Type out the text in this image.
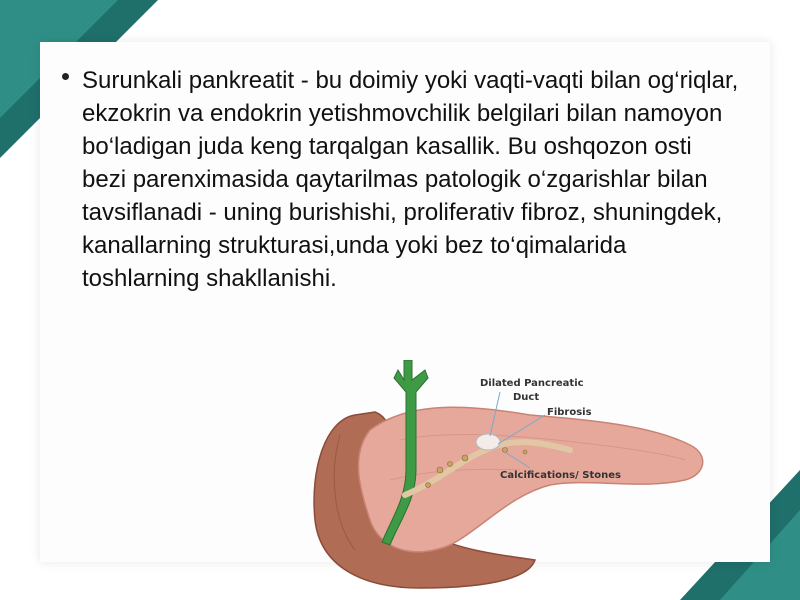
Surunkali pankreatit - bu doimiy yoki vaqti-vaqti bilan og‘riqlar, ekzokrin va endokrin yetishmovchilik belgilari bilan namoyon bo‘ladigan juda keng tarqalgan kasallik. Bu oshqozon osti bezi parenximasida qaytarilmas patologik o‘zgarishlar bilan tavsiflanadi - uning burishishi, proliferativ fibroz, shuningdek, kanallarning strukturasi,unda yoki bez to‘qimalarida toshlarning shakllanishi.

Dilated Pancreatic
Duct
Fibrosis
Calcifications/ Stones
